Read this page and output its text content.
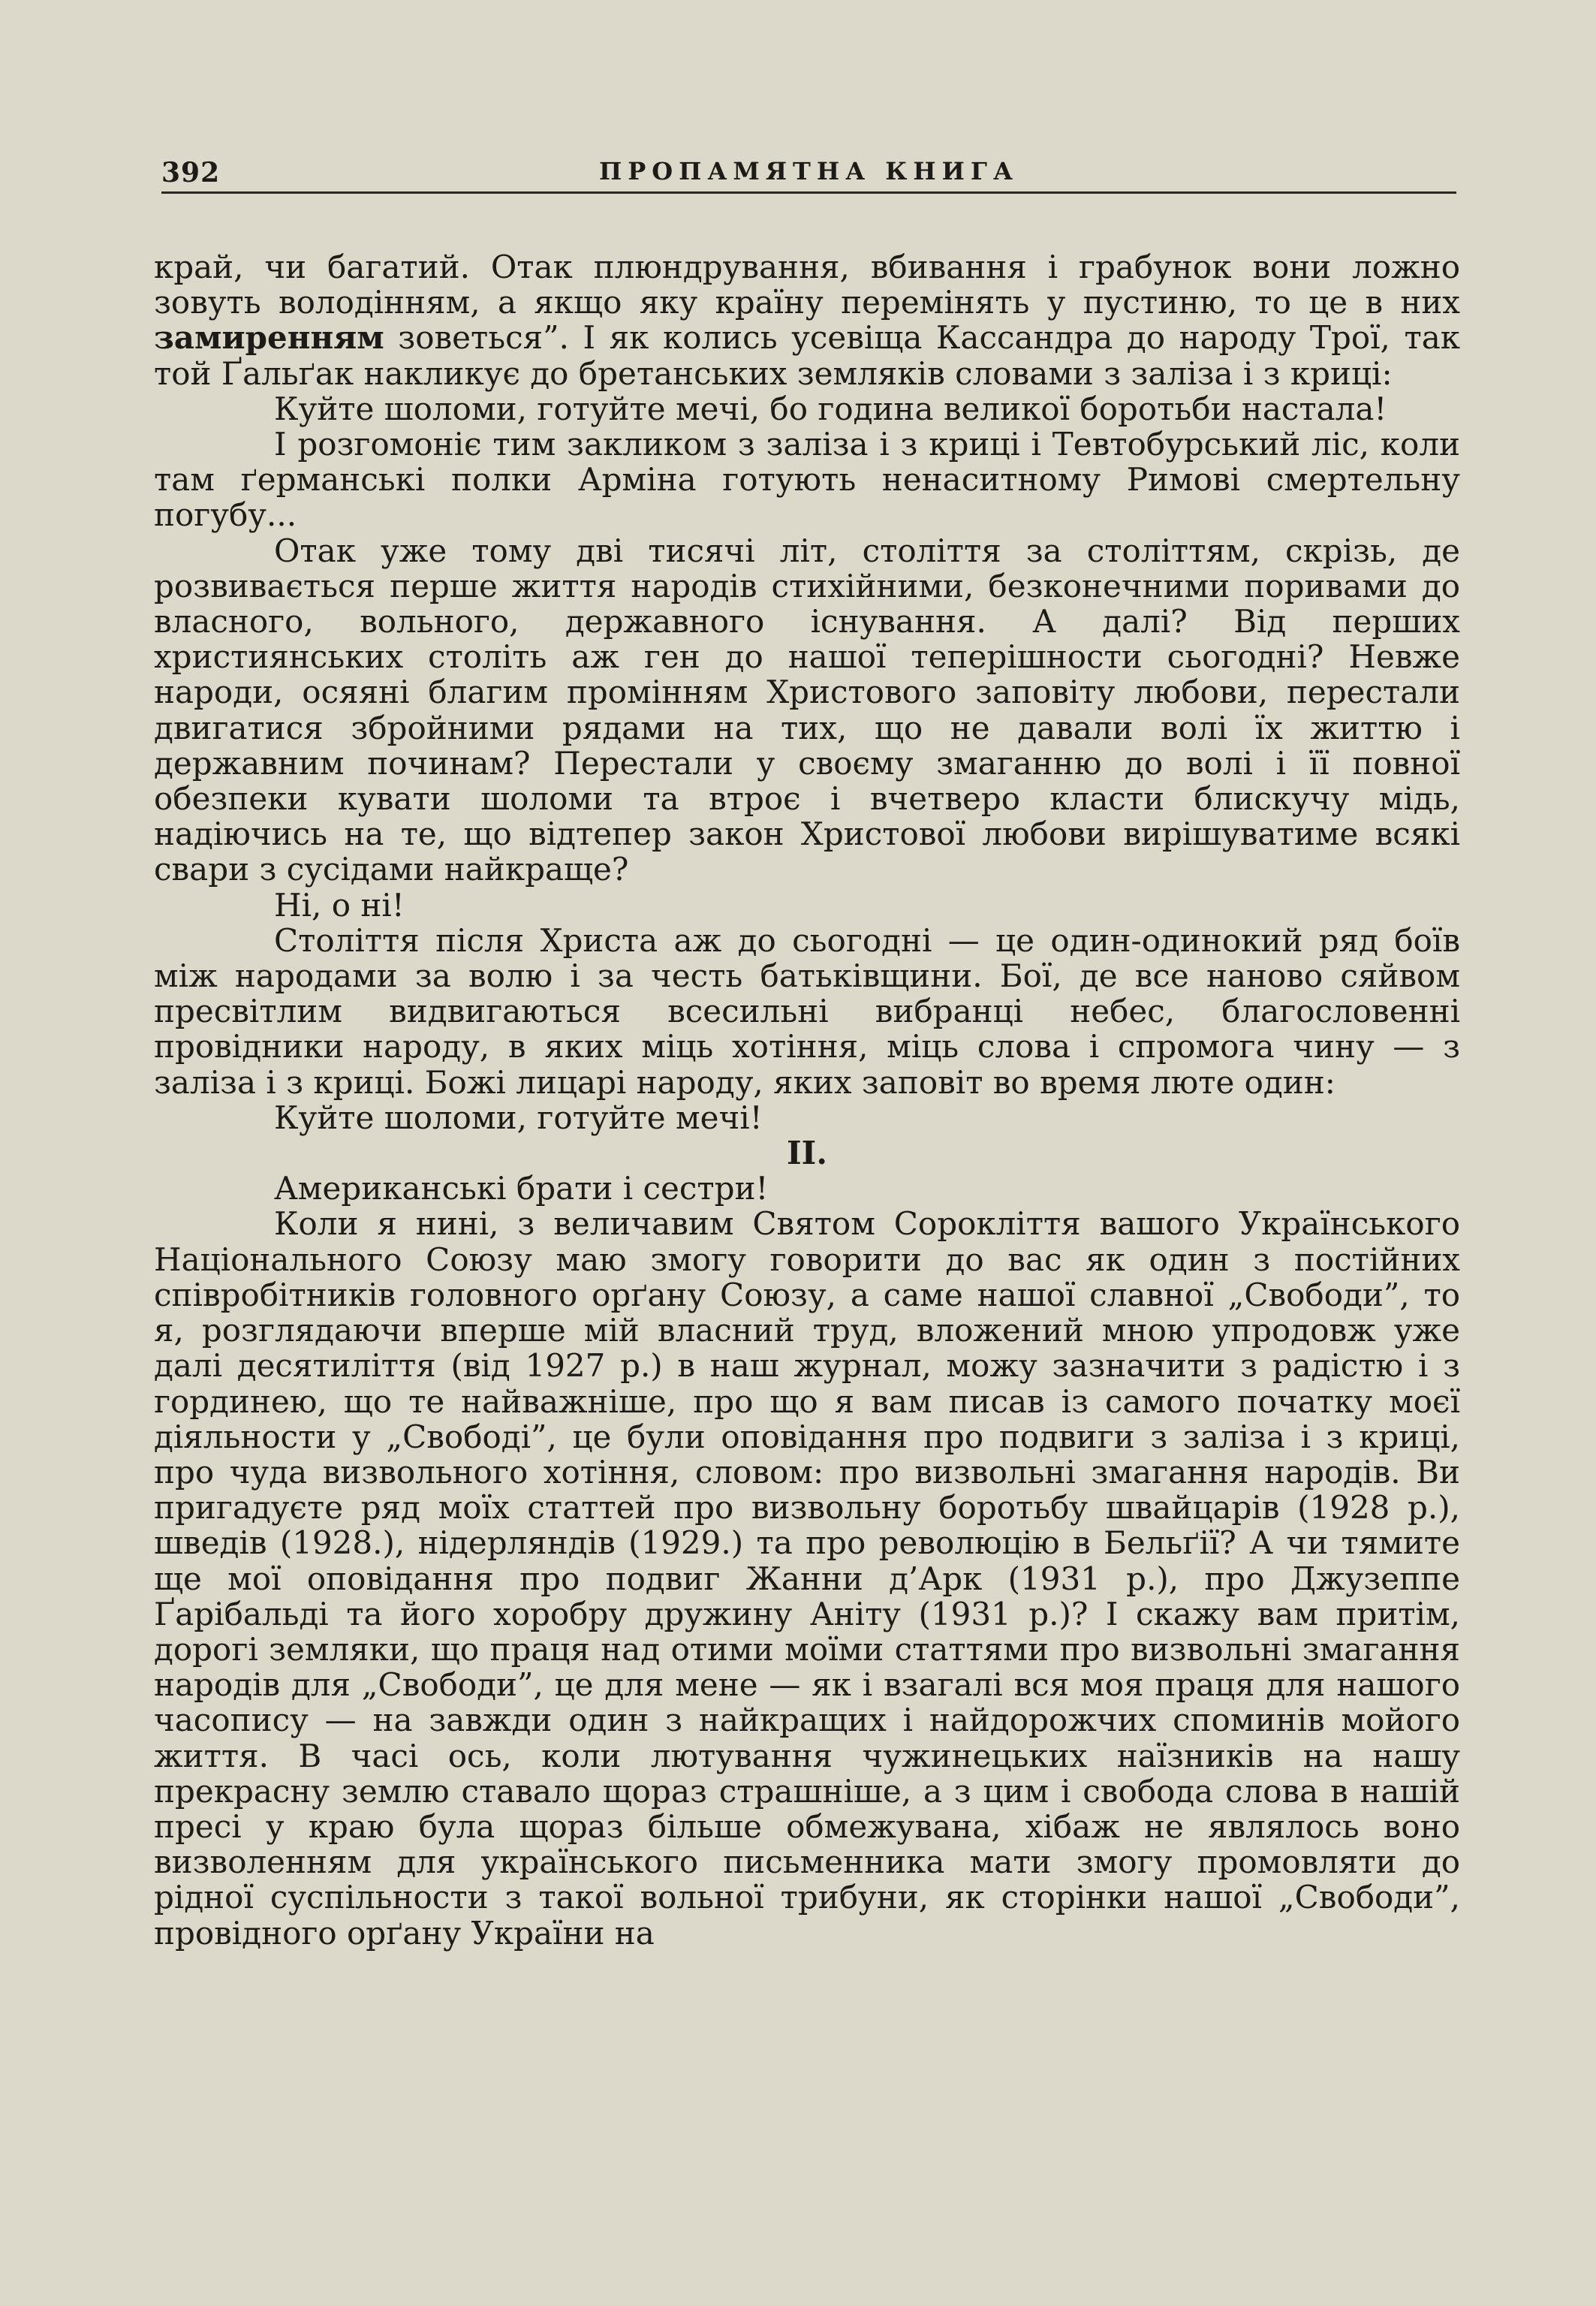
392	ПРОПАМЯТНА КНИГА

край, чи багатий. Отак плюндрування, вбивання і грабунок вони ложно зовуть володінням, а якщо яку країну перемінять у пустиню, то це в них замиренням зоветься”. І як колись усевіща Кассандра до народу Трої, так той Ґальґак накликує до бретанських земляків словами з заліза і з криці:

Куйте шоломи, готуйте мечі, бо година великої боротьби настала!

І розгомоніє тим закликом з заліза і з криці і Тевтобурський ліс, коли там ґерманські полки Арміна готують ненаситному Римові смертельну погубу...

Отак уже тому дві тисячі літ, століття за століттям, скрізь, де розвивається перше життя народів стихійними, безконечними поривами до власного, вольного, державного існування. А далі? Від перших християнських століть аж ген до нашої теперішности сьогодні? Невже народи, осяяні благим промінням Христового заповіту любови, перестали двигатися збройними рядами на тих, що не давали волі їх життю і державним починам? Перестали у своєму змаганню до волі і її повної обезпеки кувати шоломи та втроє і вчетверо класти блискучу мідь, надіючись на те, що відтепер закон Христової любови вирішуватиме всякі свари з сусідами найкраще?

Ні, о ні!

Століття після Христа аж до сьогодні — це один-одинокий ряд боїв між народами за волю і за честь батьківщини. Бої, де все наново сяйвом пресвітлим видвигаються всесильні вибранці небес, благословенні провідники народу, в яких міць хотіння, міць слова і спромога чину — з заліза і з криці. Божі лицарі народу, яких заповіт во время люте один:

Куйте шоломи, готуйте мечі!

II.

Американські брати і сестри!

Коли я нині, з величавим Святом Сорокліття вашого Українського Національного Союзу маю змогу говорити до вас як один з постійних співробітників головного орґану Союзу, а саме нашої славної „Свободи”, то я, розглядаючи вперше мій власний труд, вложений мною упродовж уже далі десятиліття (від 1927 р.) в наш журнал, можу зазначити з радістю і з гординею, що те найважніше, про що я вам писав із самого початку моєї діяльности у „Свободі”, це були оповідання про подвиги з заліза і з криці, про чуда визвольного хотіння, словом: про визвольні змагання народів. Ви пригадуєте ряд моїх статтей про визвольну боротьбу швайцарів (1928 р.), шведів (1928.), нідерляндів (1929.) та про революцію в Бельґії? А чи тямите ще мої оповідання про подвиг Жанни д’Арк (1931 р.), про Джузеппе Ґарібальді та його хоробру дружину Аніту (1931 р.)? І скажу вам притім, дорогі земляки, що праця над отими моїми статтями про визвольні змагання народів для „Свободи”, це для мене — як і взагалі вся моя праця для нашого часопису — на завжди один з найкращих і найдорожчих споминів мойого життя. В часі ось, коли лютування чужинецьких наїзників на нашу прекрасну землю ставало щораз страшніше, а з цим і свобода слова в нашій пресі у краю була щораз більше обмежувана, хібаж не являлось воно визволенням для українського письменника мати змогу промовляти до рідної суспільности з такої вольної трибуни, як сторінки нашої „Свободи”, провідного орґану України на
